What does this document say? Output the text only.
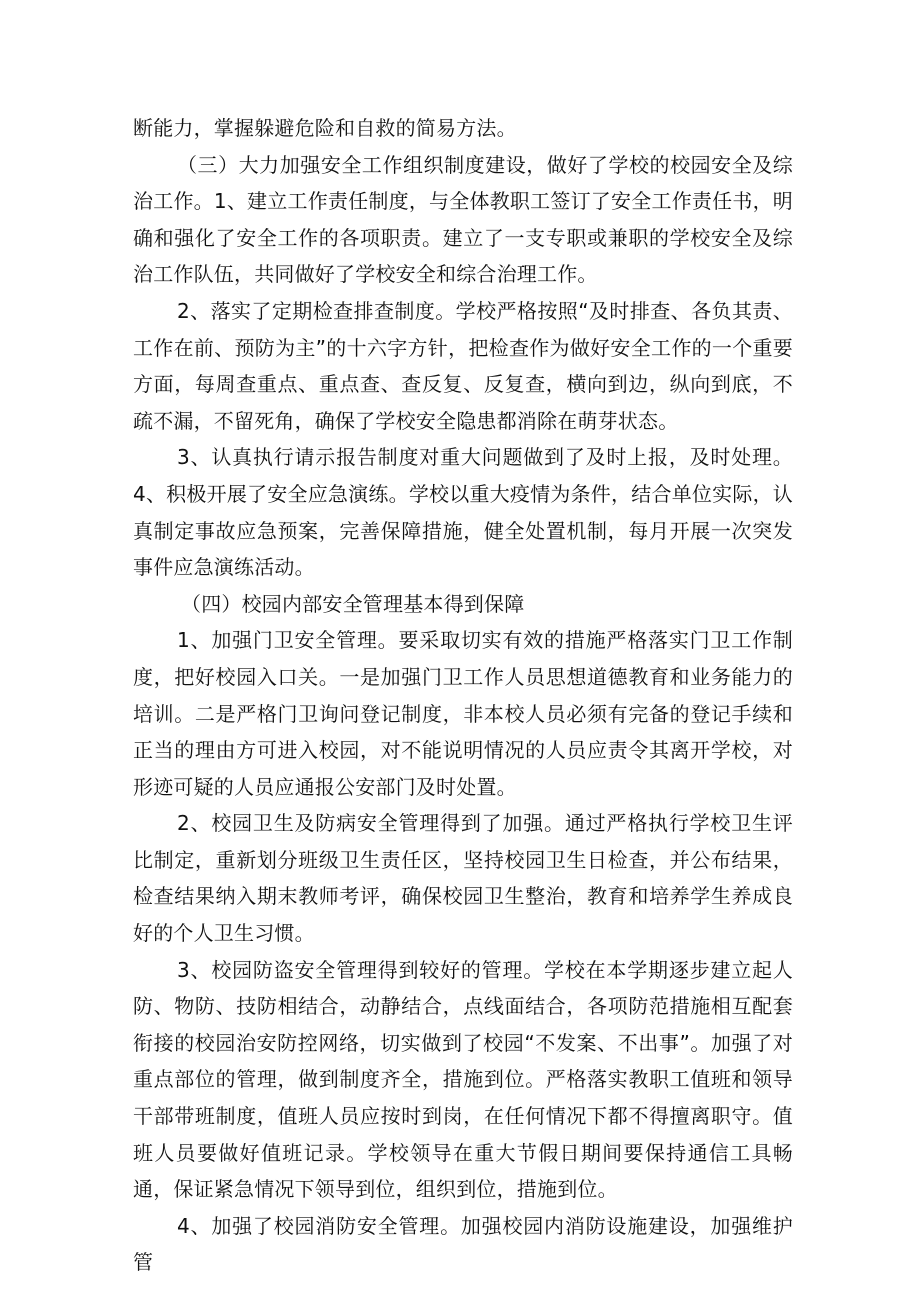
断能力，掌握躲避危险和自救的简易方法。

（三）大力加强安全工作组织制度建设，做好了学校的校园安全及综治工作。1、建立工作责任制度，与全体教职工签订了安全工作责任书，明确和强化了安全工作的各项职责。建立了一支专职或兼职的学校安全及综治工作队伍，共同做好了学校安全和综合治理工作。

2、落实了定期检查排查制度。学校严格按照“及时排查、各负其责、工作在前、预防为主”的十六字方针，把检查作为做好安全工作的一个重要方面，每周查重点、重点查、查反复、反复查，横向到边，纵向到底，不疏不漏，不留死角，确保了学校安全隐患都消除在萌芽状态。

3、认真执行请示报告制度对重大问题做到了及时上报，及时处理。4、积极开展了安全应急演练。学校以重大疫情为条件，结合单位实际，认真制定事故应急预案，完善保障措施，健全处置机制，每月开展一次突发事件应急演练活动。

（四）校园内部安全管理基本得到保障

1、加强门卫安全管理。要采取切实有效的措施严格落实门卫工作制度，把好校园入口关。一是加强门卫工作人员思想道德教育和业务能力的培训。二是严格门卫询问登记制度，非本校人员必须有完备的登记手续和正当的理由方可进入校园，对不能说明情况的人员应责令其离开学校，对形迹可疑的人员应通报公安部门及时处置。

2、校园卫生及防病安全管理得到了加强。通过严格执行学校卫生评比制定，重新划分班级卫生责任区，坚持校园卫生日检查，并公布结果，检查结果纳入期末教师考评，确保校园卫生整治，教育和培养学生养成良好的个人卫生习惯。

3、校园防盗安全管理得到较好的管理。学校在本学期逐步建立起人防、物防、技防相结合，动静结合，点线面结合，各项防范措施相互配套衔接的校园治安防控网络，切实做到了校园“不发案、不出事”。加强了对重点部位的管理，做到制度齐全，措施到位。严格落实教职工值班和领导干部带班制度，值班人员应按时到岗，在任何情况下都不得擅离职守。值班人员要做好值班记录。学校领导在重大节假日期间要保持通信工具畅通，保证紧急情况下领导到位，组织到位，措施到位。

4、加强了校园消防安全管理。加强校园内消防设施建设，加强维护管
